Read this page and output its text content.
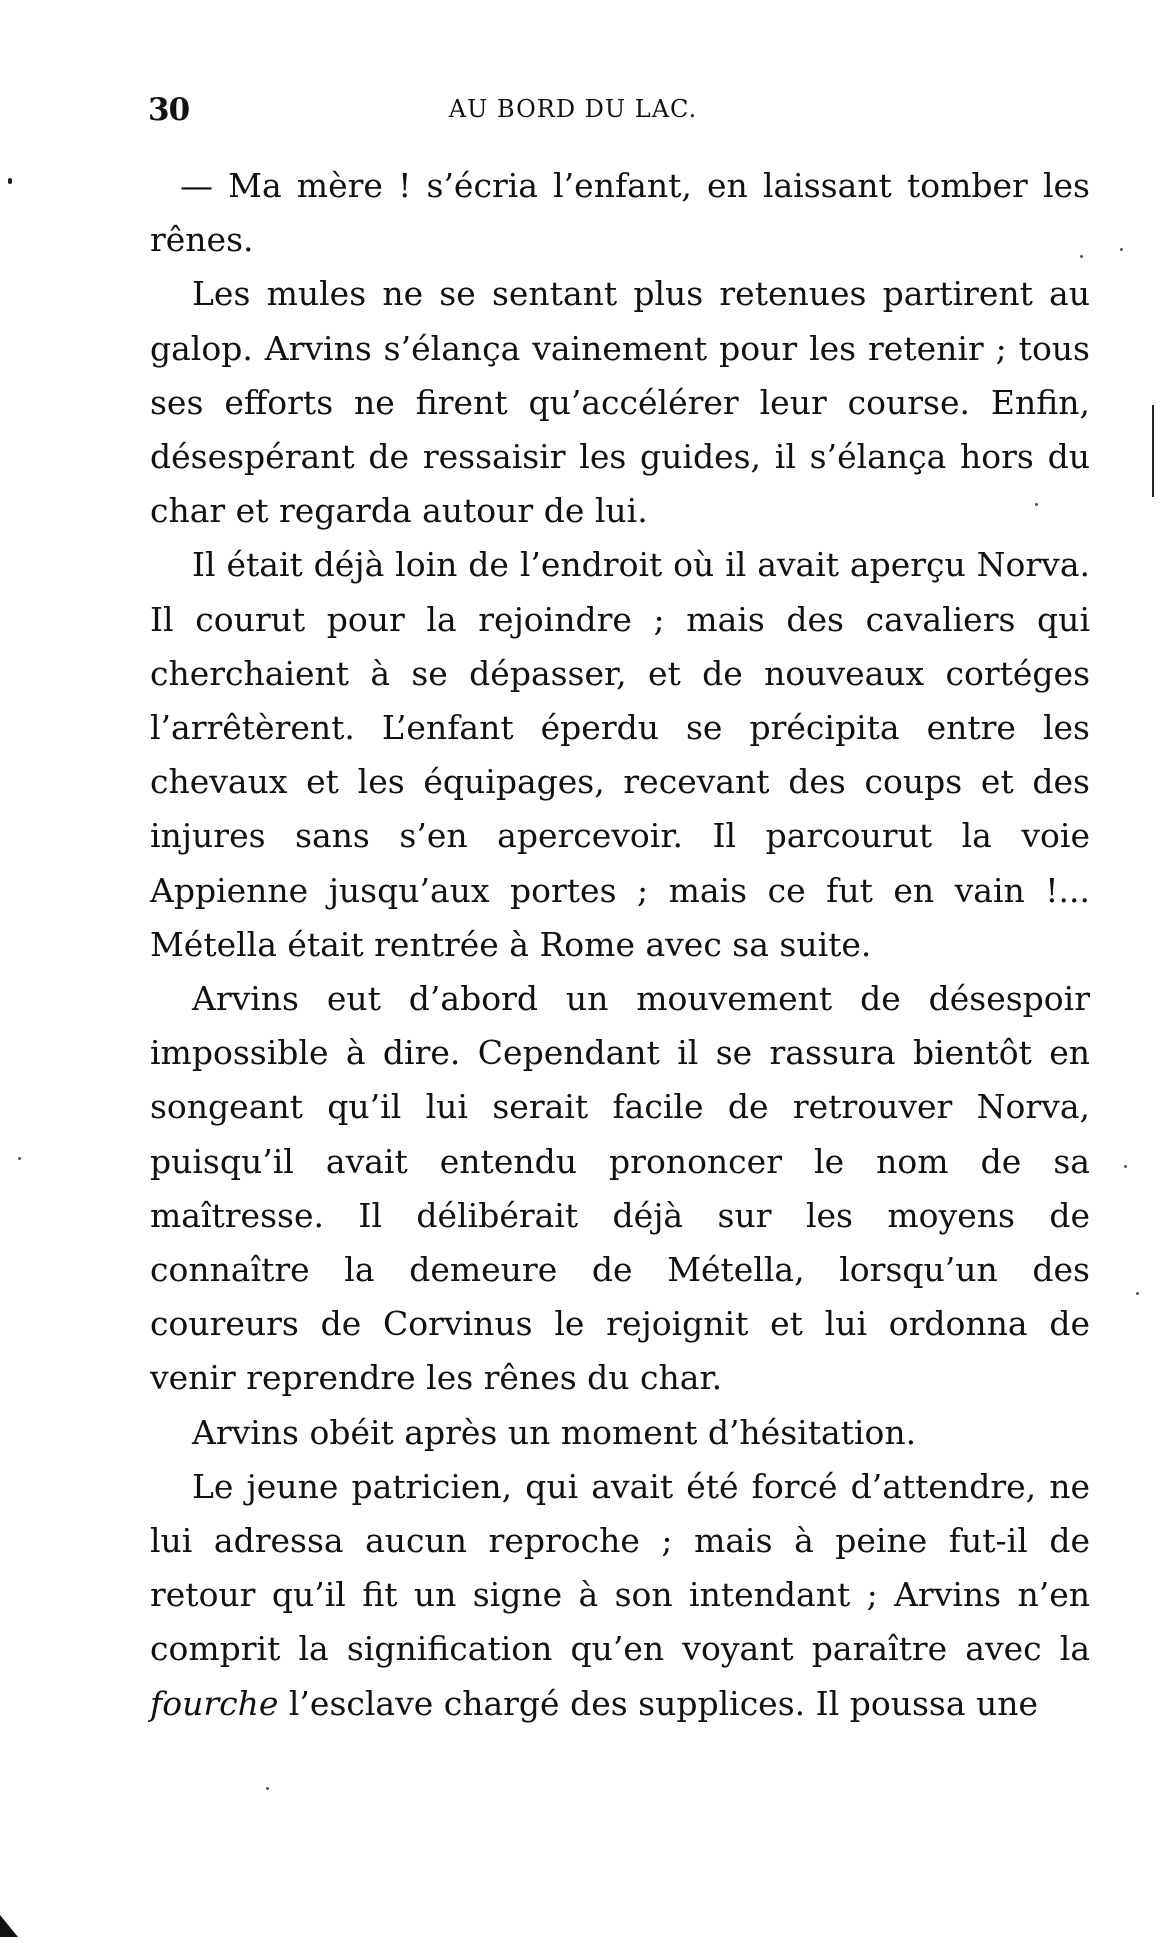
30	AU BORD DU LAC.

— Ma mère ! s’écria l’enfant, en laissant tomber les rênes.

Les mules ne se sentant plus retenues partirent au galop. Arvins s’élança vainement pour les retenir ; tous ses efforts ne firent qu’accélérer leur course. Enfin, désespérant de ressaisir les guides, il s’élança hors du char et regarda autour de lui.

Il était déjà loin de l’endroit où il avait aperçu Norva. Il courut pour la rejoindre ; mais des cavaliers qui cherchaient à se dépasser, et de nouveaux cortéges l’arrêtèrent. L’enfant éperdu se précipita entre les chevaux et les équipages, recevant des coups et des injures sans s’en apercevoir. Il parcourut la voie Appienne jusqu’aux portes ; mais ce fut en vain !... Métella était rentrée à Rome avec sa suite.

Arvins eut d’abord un mouvement de désespoir impossible à dire. Cependant il se rassura bientôt en songeant qu’il lui serait facile de retrouver Norva, puisqu’il avait entendu prononcer le nom de sa maîtresse. Il délibérait déjà sur les moyens de connaître la demeure de Métella, lorsqu’un des coureurs de Corvinus le rejoignit et lui ordonna de venir reprendre les rênes du char.

Arvins obéit après un moment d’hésitation.

Le jeune patricien, qui avait été forcé d’attendre, ne lui adressa aucun reproche ; mais à peine fut-il de retour qu’il fit un signe à son intendant ; Arvins n’en comprit la signification qu’en voyant paraître avec la fourche l’esclave chargé des supplices. Il poussa une
